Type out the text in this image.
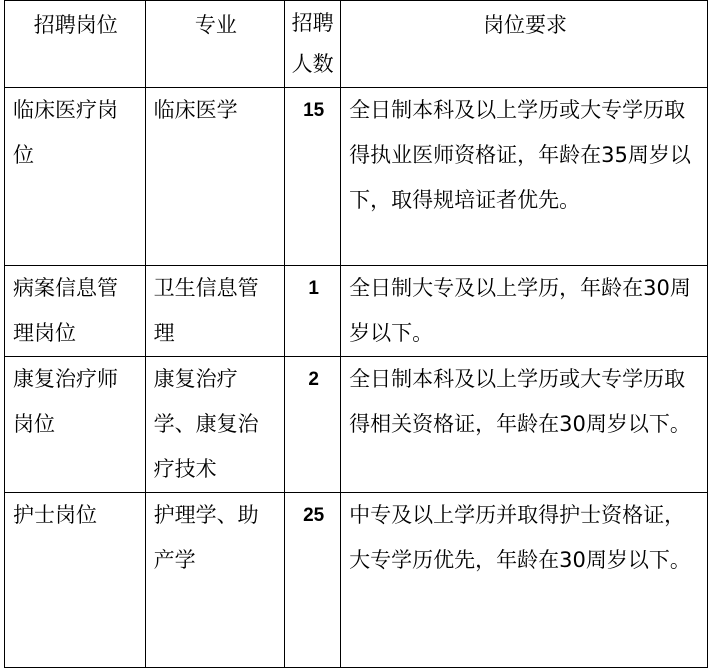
招聘岗位	专业	招聘人数	岗位要求
临床医疗岗位	临床医学	15	全日制本科及以上学历或大专学历取得执业医师资格证，年龄在35周岁以下，取得规培证者优先。
病案信息管理岗位	卫生信息管理	1	全日制大专及以上学历，年龄在30周岁以下。
康复治疗师岗位	康复治疗学、康复治疗技术	2	全日制本科及以上学历或大专学历取得相关资格证，年龄在30周岁以下。
护士岗位	护理学、助产学	25	中专及以上学历并取得护士资格证，大专学历优先，年龄在30周岁以下。
